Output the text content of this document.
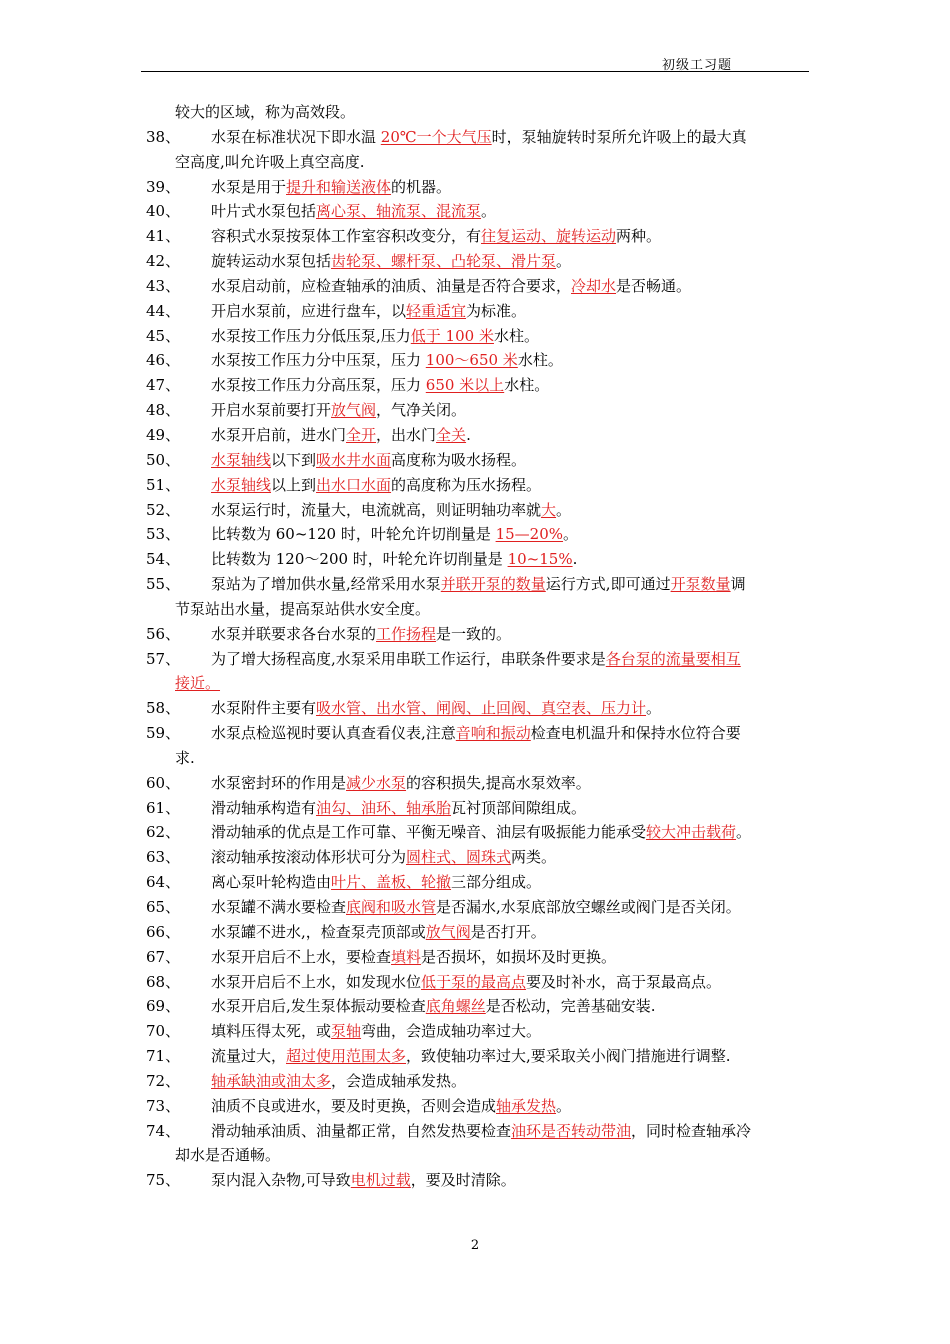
初级工习题
较大的区域，称为高效段。
38、 水泵在标准状况下即水温 20℃一个大气压时，泵轴旋转时泵所允许吸上的最大真
空高度,叫允许吸上真空高度.
39、 水泵是用于提升和输送液体的机器。
40、 叶片式水泵包括离心泵、轴流泵、混流泵。
41、 容积式水泵按泵体工作室容积改变分，有往复运动、旋转运动两种。
42、 旋转运动水泵包括齿轮泵、螺杆泵、凸轮泵、滑片泵。
43、 水泵启动前，应检查轴承的油质、油量是否符合要求，冷却水是否畅通。
44、 开启水泵前，应进行盘车，以轻重适宜为标准。
45、 水泵按工作压力分低压泵,压力低于 100 米水柱。
46、 水泵按工作压力分中压泵，压力 100～650 米水柱。
47、 水泵按工作压力分高压泵，压力 650 米以上水柱。
48、 开启水泵前要打开放气阀，气净关闭。
49、 水泵开启前，进水门全开，出水门全关.
50、 水泵轴线以下到吸水井水面高度称为吸水扬程。
51、 水泵轴线以上到出水口水面的高度称为压水扬程。
52、 水泵运行时，流量大，电流就高，则证明轴功率就大。
53、 比转数为 60~120 时，叶轮允许切削量是 15—20%。
54、 比转数为 120～200 时，叶轮允许切削量是 10~15%.
55、 泵站为了增加供水量,经常采用水泵并联开泵的数量运行方式,即可通过开泵数量调
节泵站出水量，提高泵站供水安全度。
56、 水泵并联要求各台水泵的工作扬程是一致的。
57、 为了增大扬程高度,水泵采用串联工作运行，串联条件要求是各台泵的流量要相互
接近。
58、 水泵附件主要有吸水管、出水管、闸阀、止回阀、真空表、压力计。
59、 水泵点检巡视时要认真查看仪表,注意音响和振动检查电机温升和保持水位符合要
求.
60、 水泵密封环的作用是减少水泵的容积损失,提高水泵效率。
61、 滑动轴承构造有油勾、油环、轴承胎瓦衬顶部间隙组成。
62、 滑动轴承的优点是工作可靠、平衡无噪音、油层有吸振能力能承受较大冲击载荷。
63、 滚动轴承按滚动体形状可分为圆柱式、圆珠式两类。
64、 离心泵叶轮构造由叶片、盖板、轮撤三部分组成。
65、 水泵罐不满水要检查底阀和吸水管是否漏水,水泵底部放空螺丝或阀门是否关闭。
66、 水泵罐不进水,，检查泵壳顶部或放气阀是否打开。
67、 水泵开启后不上水，要检查填料是否损坏，如损坏及时更换。
68、 水泵开启后不上水，如发现水位低于泵的最高点要及时补水，高于泵最高点。
69、 水泵开启后,发生泵体振动要检查底角螺丝是否松动，完善基础安装.
70、 填料压得太死，或泵轴弯曲，会造成轴功率过大。
71、 流量过大，超过使用范围太多，致使轴功率过大,要采取关小阀门措施进行调整.
72、 轴承缺油或油太多，会造成轴承发热。
73、 油质不良或进水，要及时更换，否则会造成轴承发热。
74、 滑动轴承油质、油量都正常，自然发热要检查油环是否转动带油，同时检查轴承冷
却水是否通畅。
75、 泵内混入杂物,可导致电机过载，要及时清除。
2
